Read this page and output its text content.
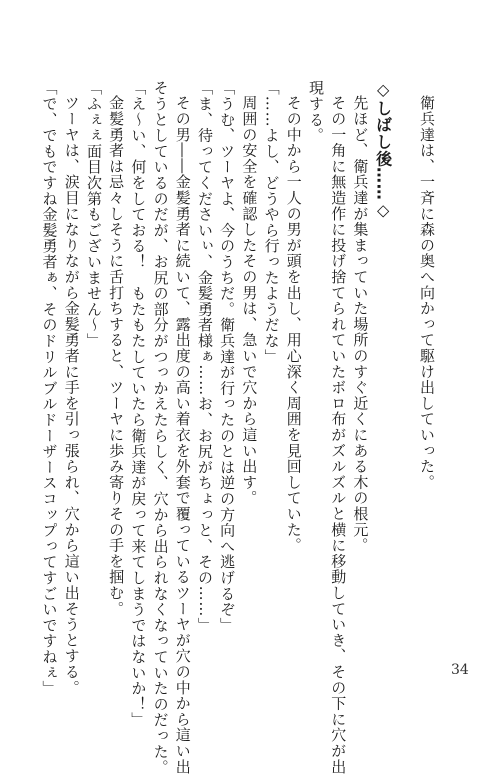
衛兵達は、一斉に森の奥へ向かって駆け出していった。

◇しばし後……◇

先ほど、衛兵達が集まっていた場所のすぐ近くにある木の根元。

その一角に無造作に投げ捨てられていたボロ布がズルズルと横に移動していき、その下に穴が出

現する。

その中から一人の男が頭を出し、用心深く周囲を見回していた。

「……よし、どうやら行ったようだな」

周囲の安全を確認したその男は、急いで穴から這い出す。

「うむ、ツーヤよ、今のうちだ。衛兵達が行ったのとは逆の方向へ逃げるぞ」

「ま、待ってくださいぃ、金髪勇者様ぁ……お、お尻がちょっと、その……」

その男――金髪勇者に続いて、露出度の高い着衣を外套で覆っているツーヤが穴の中から這い出

そうとしているのだが、お尻の部分がつっかえたらしく、穴から出られなくなっていたのだった。

「え〜い、何をしておる！　もたもたしていたら衛兵達が戻って来てしまうではないか！」

金髪勇者は忌々しそうに舌打ちすると、ツーヤに歩み寄りその手を掴む。

「ふぇぇ面目次第もございません〜」

ツーヤは、涙目になりながら金髪勇者に手を引っ張られ、穴から這い出そうとする。

「で、でもですね金髪勇者ぁ、そのドリルブルドーザースコップってすごいですねぇ」	34
